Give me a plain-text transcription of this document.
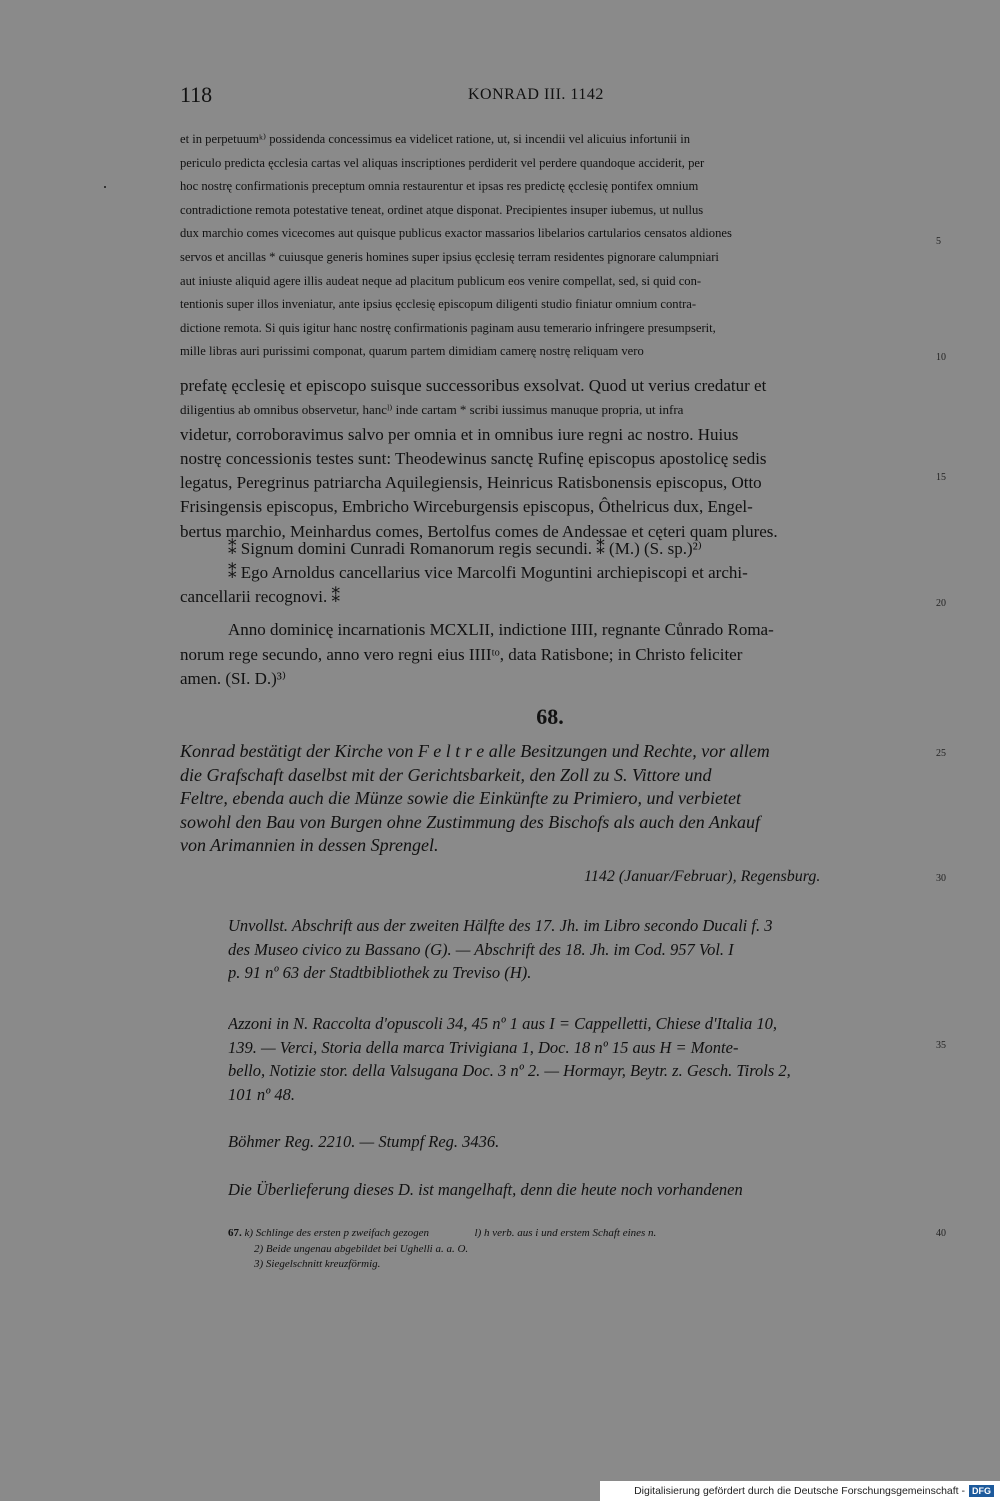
118	KONRAD III. 1142
et in perpetuumᵏ⁾ possidenda concessimus ea videlicet ratione, ut, si incendii vel alicuius infortunii in
periculo predicta ęcclesia cartas vel aliquas inscriptiones perdiderit vel perdere quandoque acciderit, per
hoc nostrę confirmationis preceptum omnia restaurentur et ipsas res predictę ęcclesię pontifex omnium
contradictione remota potestative teneat, ordinet atque disponat. Precipientes insuper iubemus, ut nullus
dux marchio comes vicecomes aut quisque publicus exactor massarios libelarios cartularios censatos aldiones
servos et ancillas * cuiusque generis homines super ipsius ęcclesię terram residentes pignorare calumpniari
aut iniuste aliquid agere illis audeat neque ad placitum publicum eos venire compellat, sed, si quid con-
tentionis super illos inveniatur, ante ipsius ęcclesię episcopum diligenti studio finiatur omnium contra-
dictione remota. Si quis igitur hanc nostrę confirmationis paginam ausu temerario infringere presumpserit,
mille libras auri purissimi componat, quarum partem dimidiam camerę nostrę reliquam vero
prefatę ęcclesię et episcopo suisque successoribus exsolvat. Quod ut verius credatur et
diligentius ab omnibus observetur, hancˡ⁾ inde cartam * scribi iussimus manuque propria, ut infra
videtur, corroboravimus salvo per omnia et in omnibus iure regni ac nostro. Huius
nostrę concessionis testes sunt: Theodewinus sanctę Rufinę episcopus apostolicę sedis
legatus, Peregrinus patriarcha Aquilegiensis, Heinricus Ratisbonensis episcopus, Otto
Frisingensis episcopus, Embricho Wirceburgensis episcopus, Ôthelricus dux, Engel-
bertus marchio, Meinhardus comes, Bertolfus comes de Andessae et cęteri quam plures.
⁑ Signum domini Cunradi Romanorum regis secundi. ⁑ (M.) (S. sp.)²⁾
⁑ Ego Arnoldus cancellarius vice Marcolfi Moguntini archiepiscopi et archi-
cancellarii recognovi. ⁑
Anno dominicę incarnationis MCXLII, indictione IIII, regnante Cůnrado Roma-
norum rege secundo, anno vero regni eius IIIIᵗᵒ, data Ratisbone; in Christo feliciter
amen. (SI. D.)³⁾
68.
Konrad bestätigt der Kirche von F e l t r e alle Besitzungen und Rechte, vor allem
die Grafschaft daselbst mit der Gerichtsbarkeit, den Zoll zu S. Vittore und
Feltre, ebenda auch die Münze sowie die Einkünfte zu Primiero, und verbietet
sowohl den Bau von Burgen ohne Zustimmung des Bischofs als auch den Ankauf
von Arimannien in dessen Sprengel.
1142 (Januar/Februar), Regensburg.
Unvollst. Abschrift aus der zweiten Hälfte des 17. Jh. im Libro secondo Ducali f. 3
des Museo civico zu Bassano (G). — Abschrift des 18. Jh. im Cod. 957 Vol. I
p. 91 nº 63 der Stadtbibliothek zu Treviso (H).
Azzoni in N. Raccolta d'opuscoli 34, 45 nº 1 aus I = Cappelletti, Chiese d'Italia 10,
139. — Verci, Storia della marca Trivigiana 1, Doc. 18 nº 15 aus H = Monte-
bello, Notizie stor. della Valsugana Doc. 3 nº 2. — Hormayr, Beytr. z. Gesch. Tirols 2,
101 nº 48.
Böhmer Reg. 2210. — Stumpf Reg. 3436.
Die Überlieferung dieses D. ist mangelhaft, denn die heute noch vorhandenen
67. k) Schlinge des ersten p zweifach gezogen	l) h verb. aus i und erstem Schaft eines n.
2) Beide ungenau abgebildet bei Ughelli a. a. O.
3) Siegelschnitt kreuzförmig.
5
10
15
20
25
30
35
40
Digitalisierung gefördert durch die Deutsche Forschungsgemeinschaft - DFG
